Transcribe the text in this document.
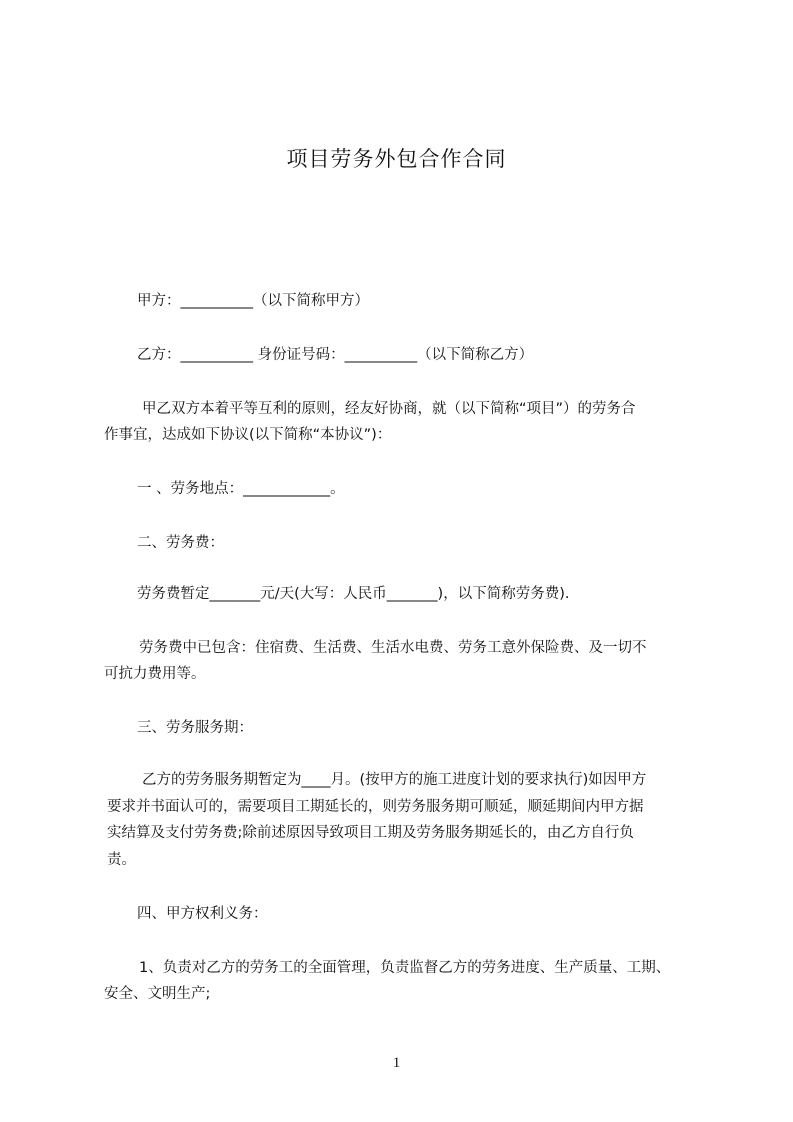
项目劳务外包合作合同
甲方：__________（以下简称甲方）
乙方：__________ 身份证号码：__________（以下简称乙方）
甲乙双方本着平等互利的原则，经友好协商，就（以下简称“项目”）的劳务合
作事宜，达成如下协议(以下简称“本协议”)：
一 、劳务地点：____________。
二、劳务费：
劳务费暂定_______元/天(大写：人民币_______)，以下简称劳务费).
劳务费中已包含：住宿费、生活费、生活水电费、劳务工意外保险费、及一切不
可抗力费用等。
三、劳务服务期：
乙方的劳务服务期暂定为____月。(按甲方的施工进度计划的要求执行)如因甲方
要求并书面认可的，需要项目工期延长的，则劳务服务期可顺延，顺延期间内甲方据
实结算及支付劳务费;除前述原因导致项目工期及劳务服务期延长的，由乙方自行负
责。
四、甲方权利义务：
1、负责对乙方的劳务工的全面管理，负责监督乙方的劳务进度、生产质量、工期、
安全、文明生产;
1
